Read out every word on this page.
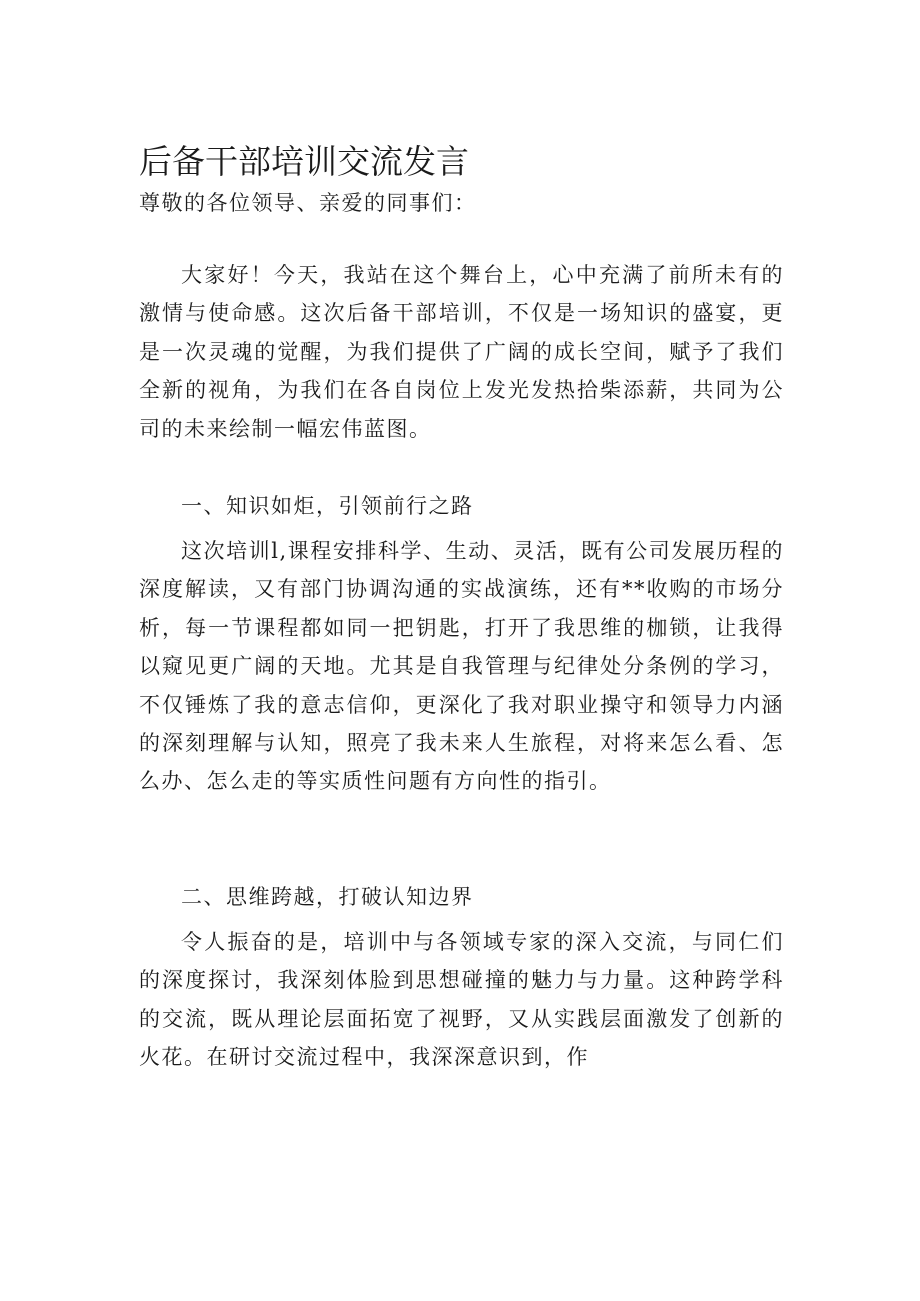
后备干部培训交流发言

尊敬的各位领导、亲爱的同事们：

大家好！今天，我站在这个舞台上，心中充满了前所未有的激情与使命感。这次后备干部培训，不仅是一场知识的盛宴，更是一次灵魂的觉醒，为我们提供了广阔的成长空间，赋予了我们全新的视角，为我们在各自岗位上发光发热拾柴添薪，共同为公司的未来绘制一幅宏伟蓝图。

一、知识如炬，引领前行之路

这次培训l,课程安排科学、生动、灵活，既有公司发展历程的深度解读，又有部门协调沟通的实战演练，还有**收购的市场分析，每一节课程都如同一把钥匙，打开了我思维的枷锁，让我得以窥见更广阔的天地。尤其是自我管理与纪律处分条例的学习，不仅锤炼了我的意志信仰，更深化了我对职业操守和领导力内涵的深刻理解与认知，照亮了我未来人生旅程，对将来怎么看、怎么办、怎么走的等实质性问题有方向性的指引。

二、思维跨越，打破认知边界

令人振奋的是，培训中与各领域专家的深入交流，与同仁们的深度探讨，我深刻体脸到思想碰撞的魅力与力量。这种跨学科的交流，既从理论层面拓宽了视野，又从实践层面激发了创新的火花。在研讨交流过程中，我深深意识到，作
